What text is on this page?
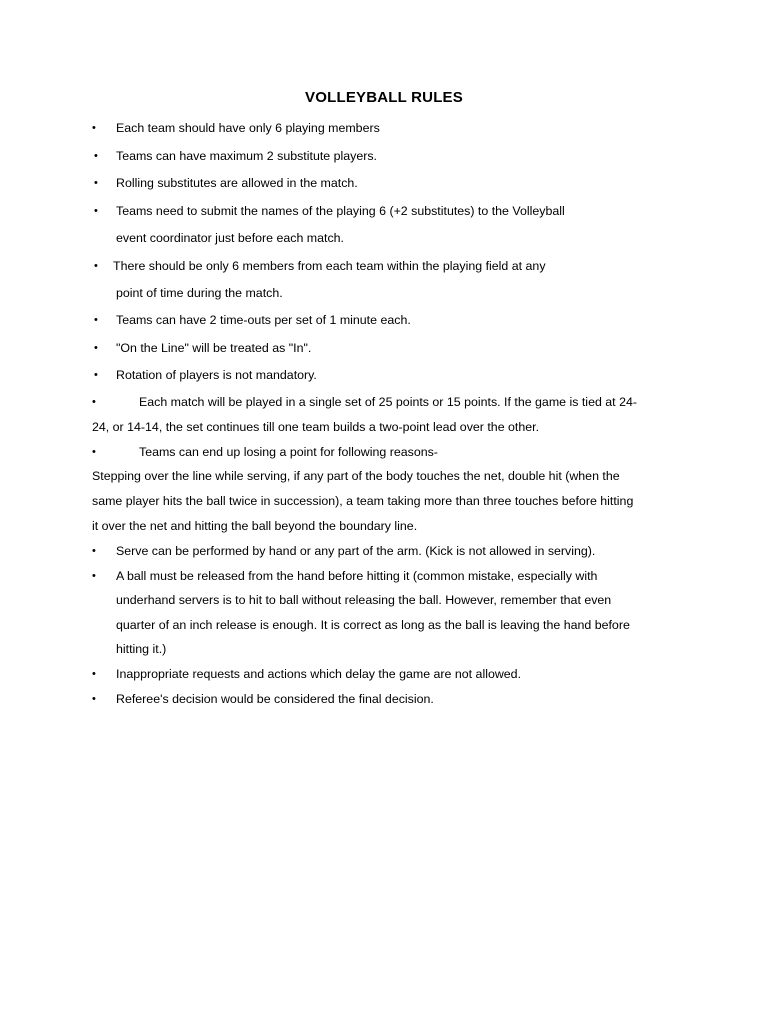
VOLLEYBALL RULES
• Each team should have only 6 playing members
• Teams can have maximum 2 substitute players.
• Rolling substitutes are allowed in the match.
• Teams need to submit the names of the playing 6 (+2 substitutes) to the Volleyball
event coordinator just before each match.
• There should be only 6 members from each team within the playing field at any
point of time during the match.
• Teams can have 2 time-outs per set of 1 minute each.
• "On the Line" will be treated as "In".
• Rotation of players is not mandatory.
•	Each match will be played in a single set of 25 points or 15 points. If the game is tied at 24-
24, or 14-14, the set continues till one team builds a two-point lead over the other.
•	Teams can end up losing a point for following reasons-
Stepping over the line while serving, if any part of the body touches the net, double hit (when the
same player hits the ball twice in succession), a team taking more than three touches before hitting
it over the net and hitting the ball beyond the boundary line.
• Serve can be performed by hand or any part of the arm. (Kick is not allowed in serving).
• A ball must be released from the hand before hitting it (common mistake, especially with
underhand servers is to hit to ball without releasing the ball. However, remember that even
quarter of an inch release is enough. It is correct as long as the ball is leaving the hand before
hitting it.)
• Inappropriate requests and actions which delay the game are not allowed.
• Referee's decision would be considered the final decision.
